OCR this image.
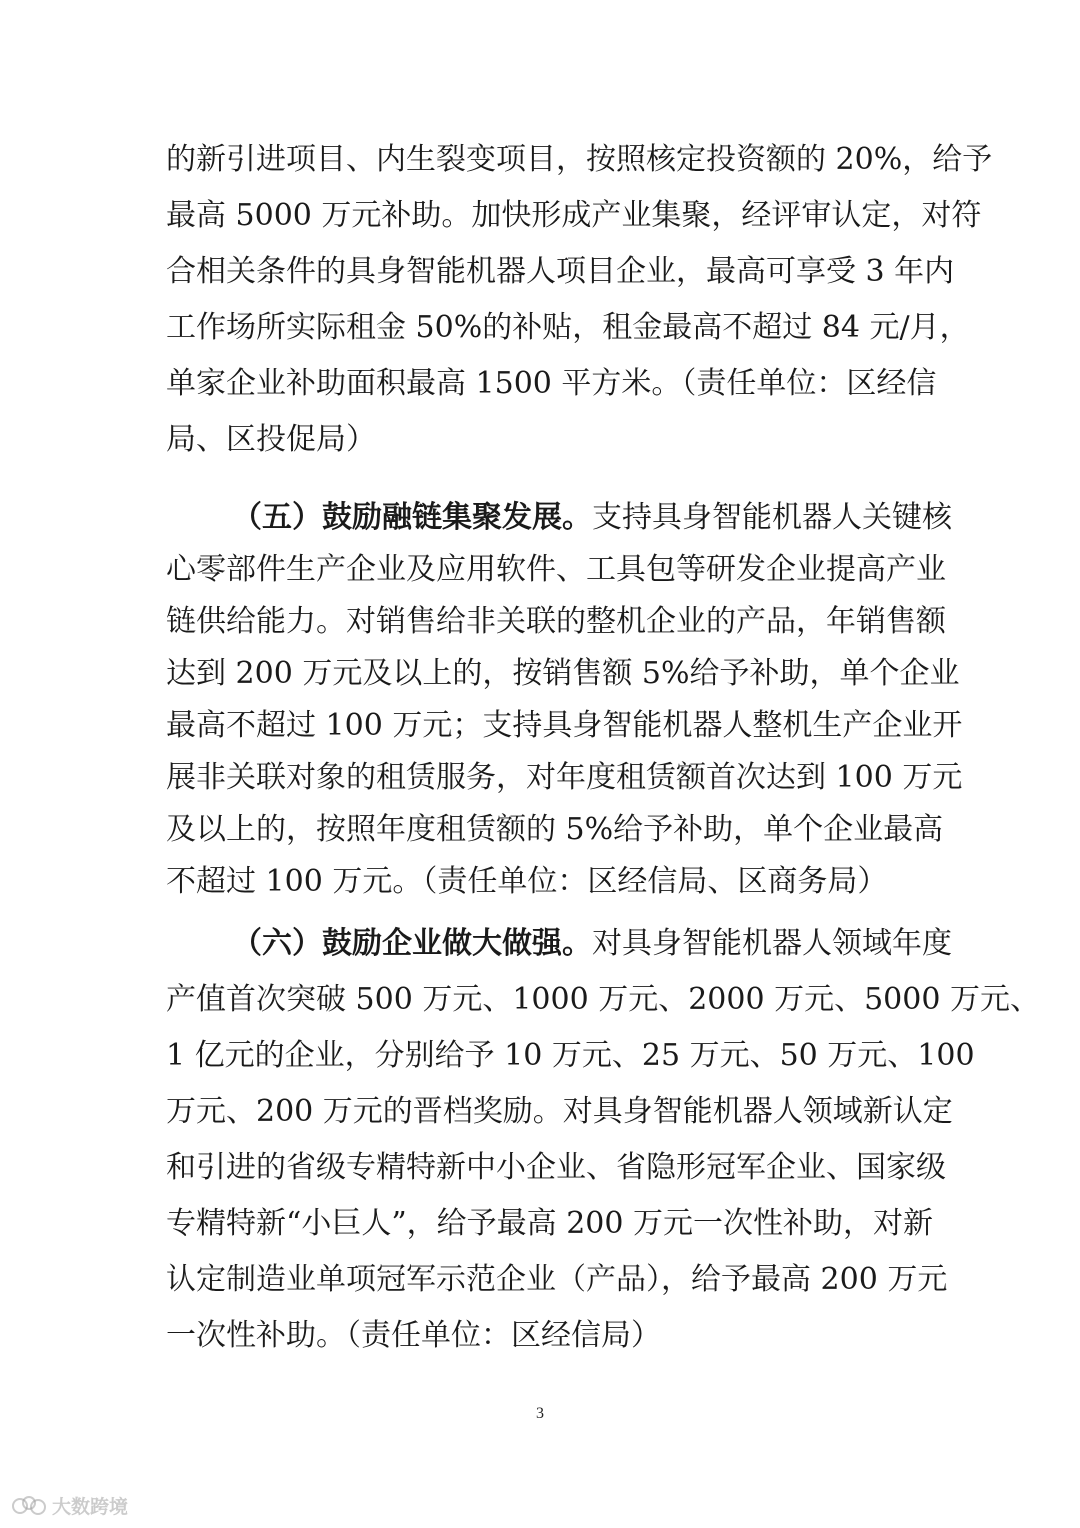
的新引进项目、内生裂变项目，按照核定投资额的 20%，给予
最高 5000 万元补助。加快形成产业集聚，经评审认定，对符
合相关条件的具身智能机器人项目企业，最高可享受 3 年内
工作场所实际租金 50%的补贴，租金最高不超过 84 元/月，
单家企业补助面积最高 1500 平方米。（责任单位：区经信
局、区投促局）
（五）鼓励融链集聚发展。支持具身智能机器人关键核
心零部件生产企业及应用软件、工具包等研发企业提高产业
链供给能力。对销售给非关联的整机企业的产品，年销售额
达到 200 万元及以上的，按销售额 5%给予补助，单个企业
最高不超过 100 万元；支持具身智能机器人整机生产企业开
展非关联对象的租赁服务，对年度租赁额首次达到 100 万元
及以上的，按照年度租赁额的 5%给予补助，单个企业最高
不超过 100 万元。（责任单位：区经信局、区商务局）
（六）鼓励企业做大做强。对具身智能机器人领域年度
产值首次突破 500 万元、1000 万元、2000 万元、5000 万元、
1 亿元的企业，分别给予 10 万元、25 万元、50 万元、100
万元、200 万元的晋档奖励。对具身智能机器人领域新认定
和引进的省级专精特新中小企业、省隐形冠军企业、国家级
专精特新“小巨人”，给予最高 200 万元一次性补助，对新
认定制造业单项冠军示范企业（产品），给予最高 200 万元
一次性补助。（责任单位：区经信局）
3
大数跨境
